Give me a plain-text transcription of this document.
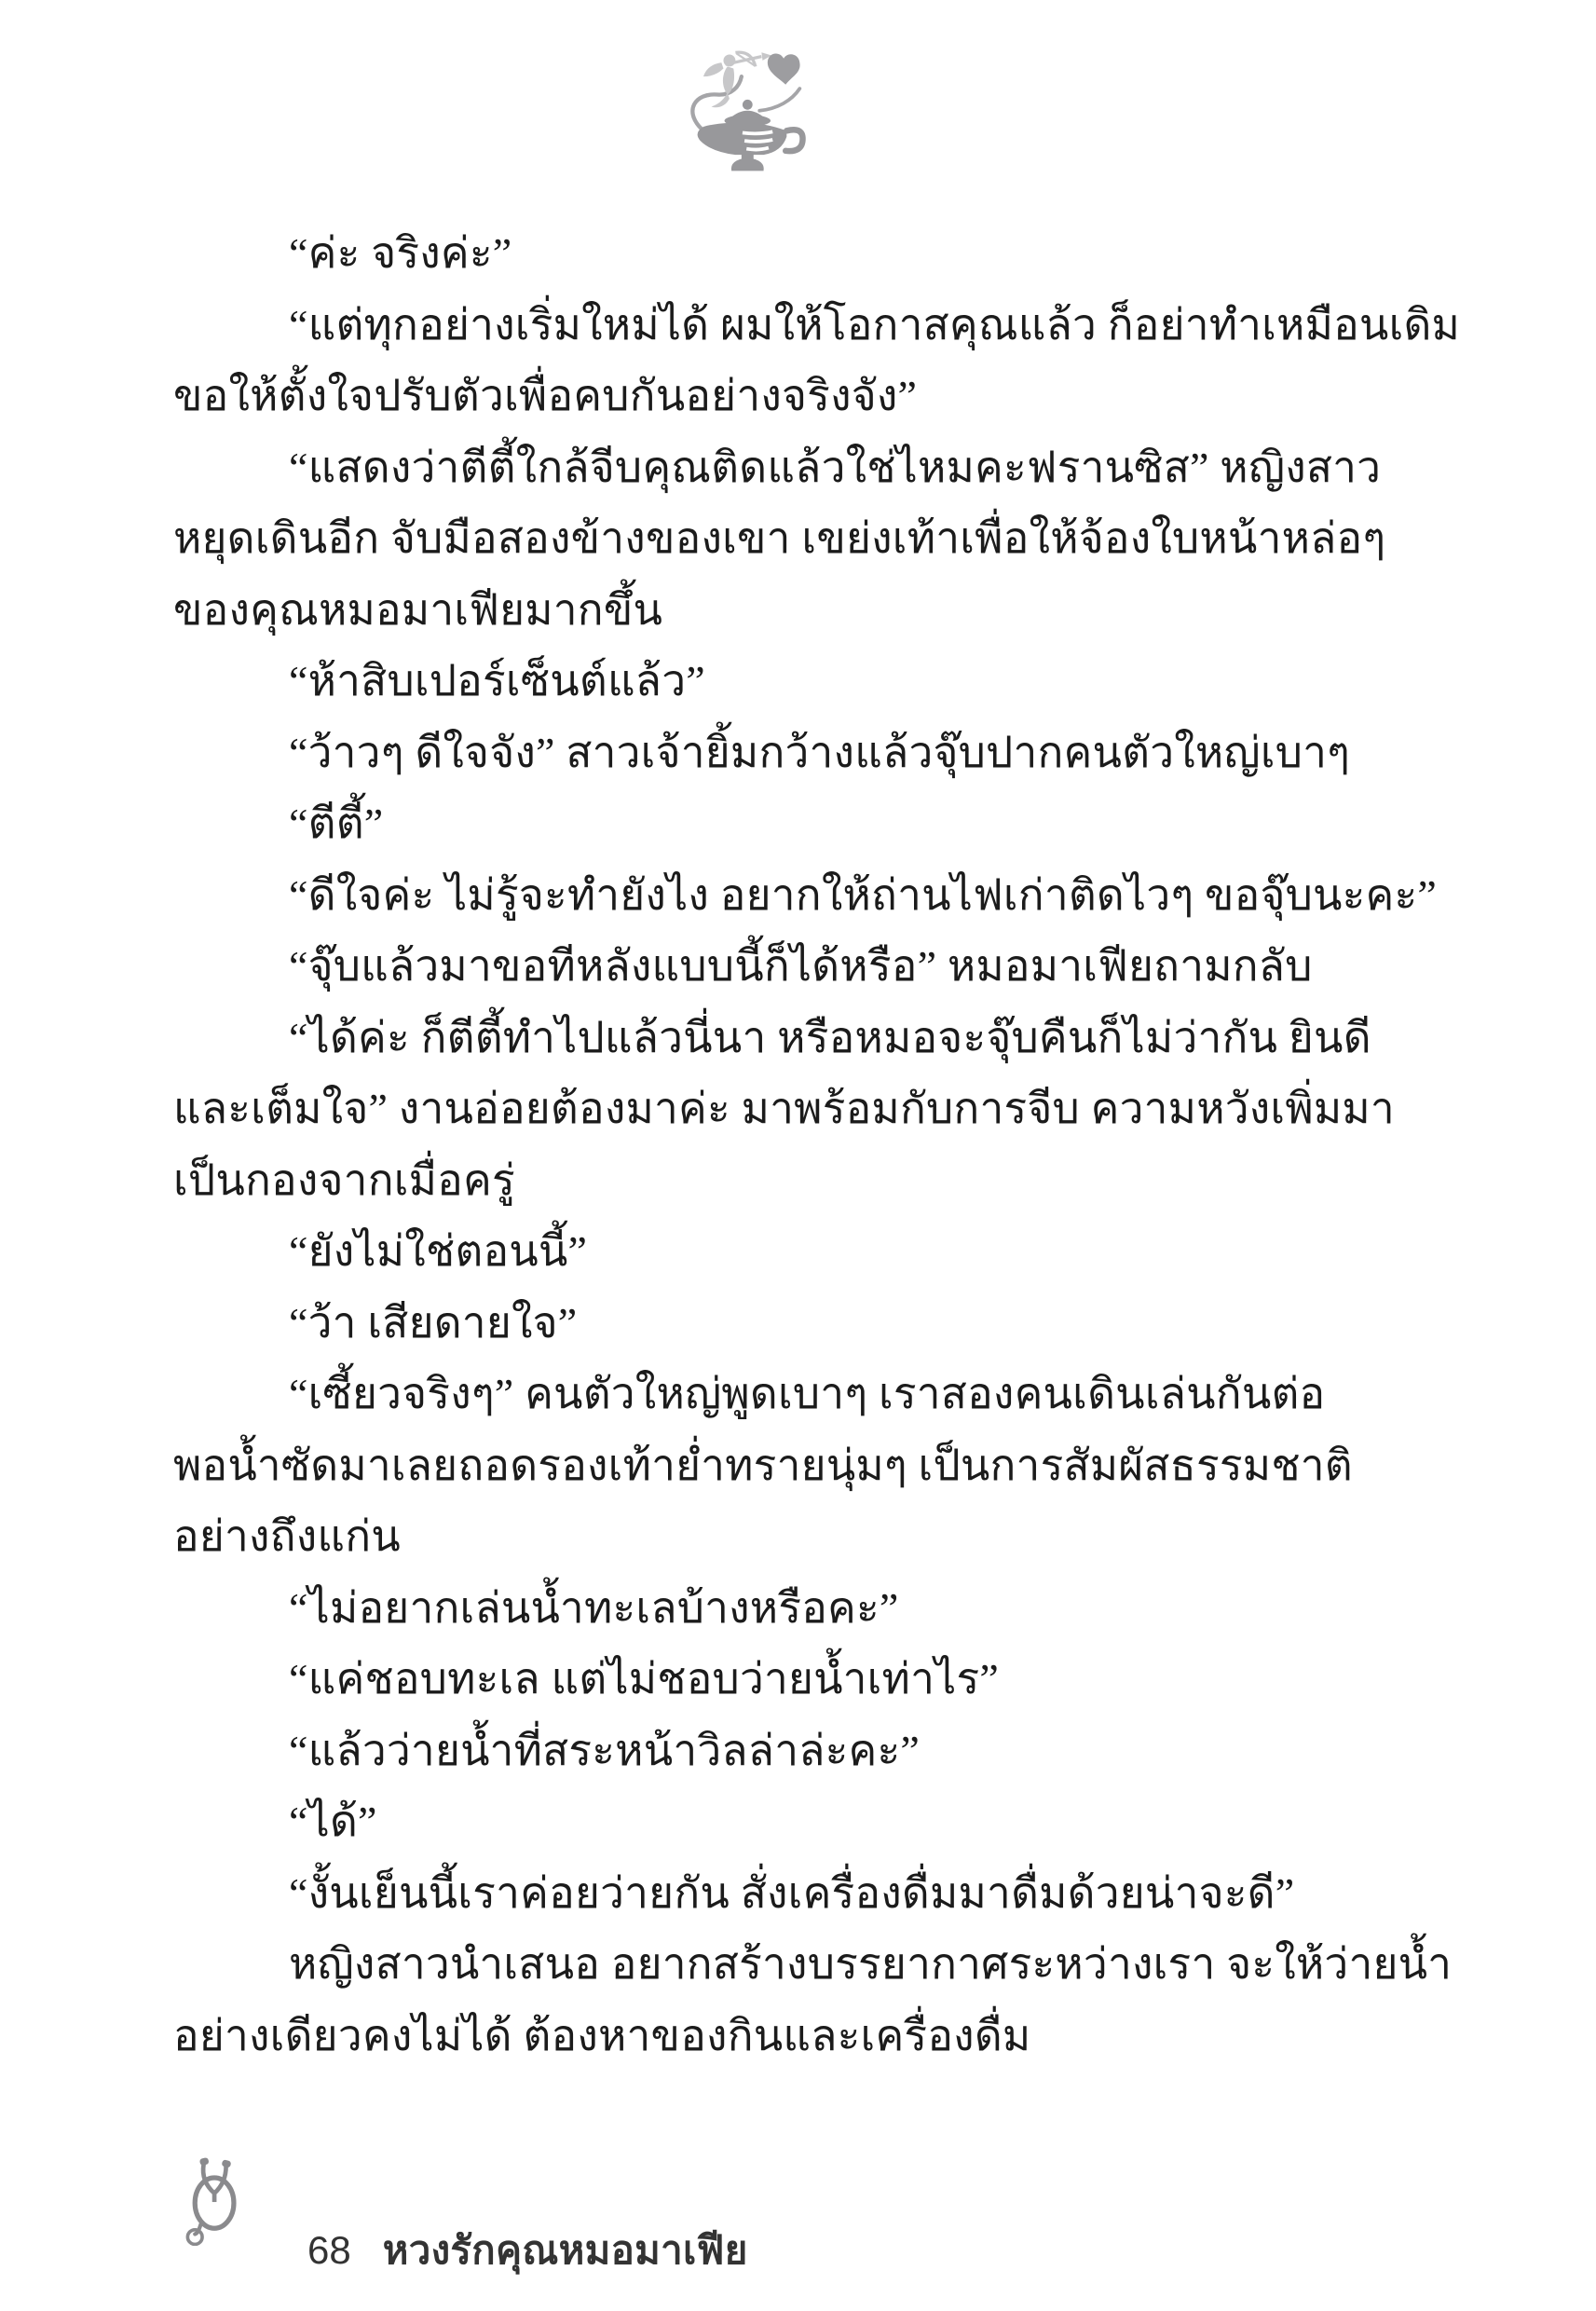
“ค่ะ จริงค่ะ”
“แต่ทุกอย่างเริ่มใหม่ได้ ผมให้โอกาสคุณแล้ว ก็อย่าทำเหมือนเดิม
ขอให้ตั้งใจปรับตัวเพื่อคบกันอย่างจริงจัง”
“แสดงว่าตีตี้ใกล้จีบคุณติดแล้วใช่ไหมคะฟรานซิส” หญิงสาว
หยุดเดินอีก จับมือสองข้างของเขา เขย่งเท้าเพื่อให้จ้องใบหน้าหล่อๆ
ของคุณหมอมาเฟียมากขึ้น
“ห้าสิบเปอร์เซ็นต์แล้ว”
“ว้าวๆ ดีใจจัง” สาวเจ้ายิ้มกว้างแล้วจุ๊บปากคนตัวใหญ่เบาๆ
“ตีตี้”
“ดีใจค่ะ ไม่รู้จะทำยังไง อยากให้ถ่านไฟเก่าติดไวๆ ขอจุ๊บนะคะ”
“จุ๊บแล้วมาขอทีหลังแบบนี้ก็ได้หรือ” หมอมาเฟียถามกลับ
“ได้ค่ะ ก็ตีตี้ทำไปแล้วนี่นา หรือหมอจะจุ๊บคืนก็ไม่ว่ากัน ยินดี
และเต็มใจ” งานอ่อยต้องมาค่ะ มาพร้อมกับการจีบ ความหวังเพิ่มมา
เป็นกองจากเมื่อครู่
“ยังไม่ใช่ตอนนี้”
“ว้า เสียดายใจ”
“เซี้ยวจริงๆ” คนตัวใหญ่พูดเบาๆ เราสองคนเดินเล่นกันต่อ
พอน้ำซัดมาเลยถอดรองเท้าย่ำทรายนุ่มๆ เป็นการสัมผัสธรรมชาติ
อย่างถึงแก่น
“ไม่อยากเล่นน้ำทะเลบ้างหรือคะ”
“แค่ชอบทะเล แต่ไม่ชอบว่ายน้ำเท่าไร”
“แล้วว่ายน้ำที่สระหน้าวิลล่าล่ะคะ”
“ได้”
“งั้นเย็นนี้เราค่อยว่ายกัน สั่งเครื่องดื่มมาดื่มด้วยน่าจะดี”
หญิงสาวนำเสนอ อยากสร้างบรรยากาศระหว่างเรา จะให้ว่ายน้ำ
อย่างเดียวคงไม่ได้ ต้องหาของกินและเครื่องดื่ม
68 หวงรักคุณหมอมาเฟีย
